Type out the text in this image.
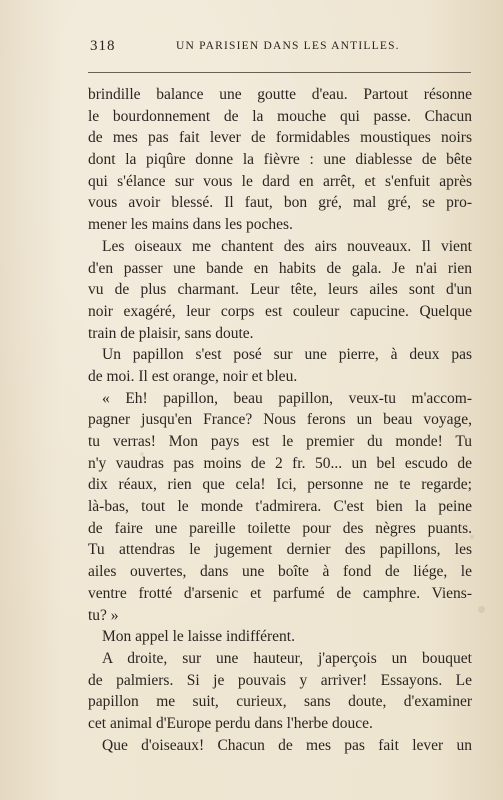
318	UN PARISIEN DANS LES ANTILLES.
brindille balance une goutte d'eau. Partout résonne
le bourdonnement de la mouche qui passe. Chacun
de mes pas fait lever de formidables moustiques noirs
dont la piqûre donne la fièvre : une diablesse de bête
qui s'élance sur vous le dard en arrêt, et s'enfuit après
vous avoir blessé. Il faut, bon gré, mal gré, se pro-
mener les mains dans les poches.
Les oiseaux me chantent des airs nouveaux. Il vient
d'en passer une bande en habits de gala. Je n'ai rien
vu de plus charmant. Leur tête, leurs ailes sont d'un
noir exagéré, leur corps est couleur capucine. Quelque
train de plaisir, sans doute.
Un papillon s'est posé sur une pierre, à deux pas
de moi. Il est orange, noir et bleu.
« Eh! papillon, beau papillon, veux-tu m'accom-
pagner jusqu'en France? Nous ferons un beau voyage,
tu verras! Mon pays est le premier du monde! Tu
n'y vaudras pas moins de 2 fr. 50... un bel escudo de
dix réaux, rien que cela! Ici, personne ne te regarde;
là-bas, tout le monde t'admirera. C'est bien la peine
de faire une pareille toilette pour des nègres puants.
Tu attendras le jugement dernier des papillons, les
ailes ouvertes, dans une boîte à fond de liége, le
ventre frotté d'arsenic et parfumé de camphre. Viens-
tu? »
Mon appel le laisse indifférent.
A droite, sur une hauteur, j'aperçois un bouquet
de palmiers. Si je pouvais y arriver! Essayons. Le
papillon me suit, curieux, sans doute, d'examiner
cet animal d'Europe perdu dans l'herbe douce.
Que d'oiseaux! Chacun de mes pas fait lever un
